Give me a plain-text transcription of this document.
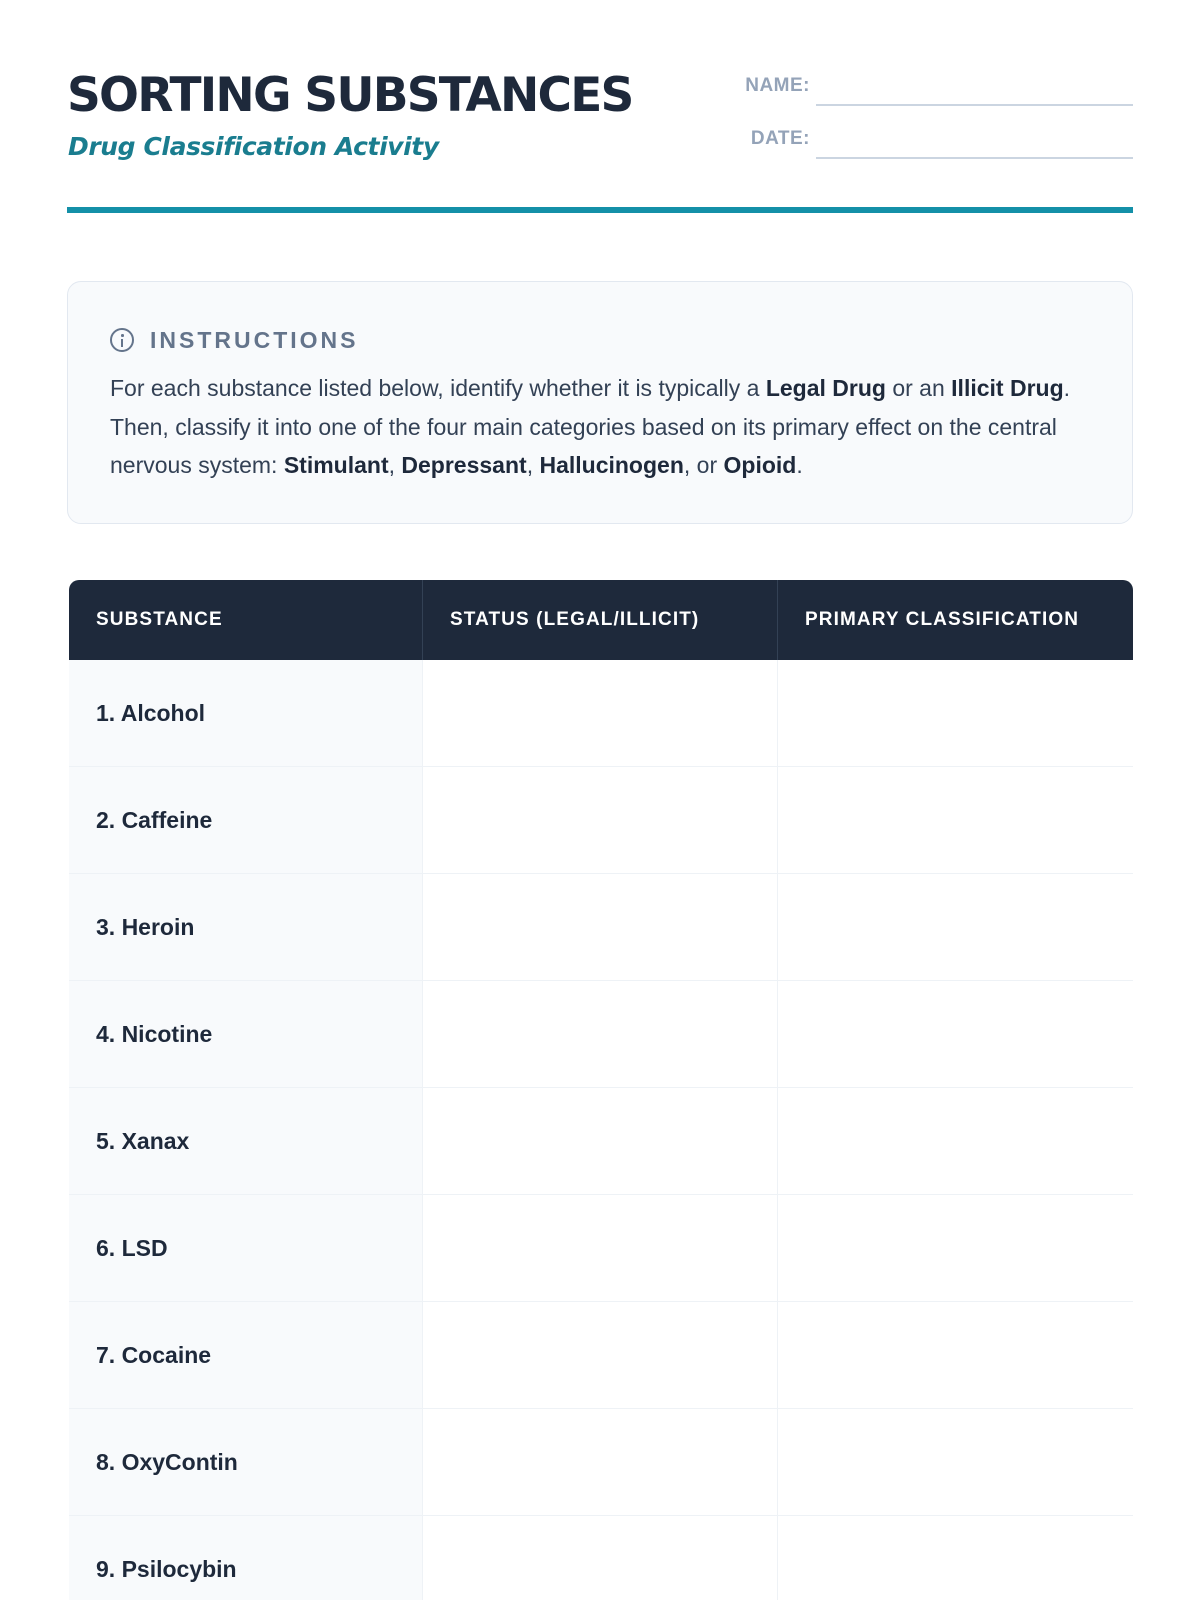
SORTING SUBSTANCES
Drug Classification Activity
NAME:
DATE:
INSTRUCTIONS
For each substance listed below, identify whether it is typically a Legal Drug or an Illicit Drug. Then, classify it into one of the four main categories based on its primary effect on the central nervous system: Stimulant, Depressant, Hallucinogen, or Opioid.
SUBSTANCE	STATUS (LEGAL/ILLICIT)	PRIMARY CLASSIFICATION
1. Alcohol
2. Caffeine
3. Heroin
4. Nicotine
5. Xanax
6. LSD
7. Cocaine
8. OxyContin
9. Psilocybin
